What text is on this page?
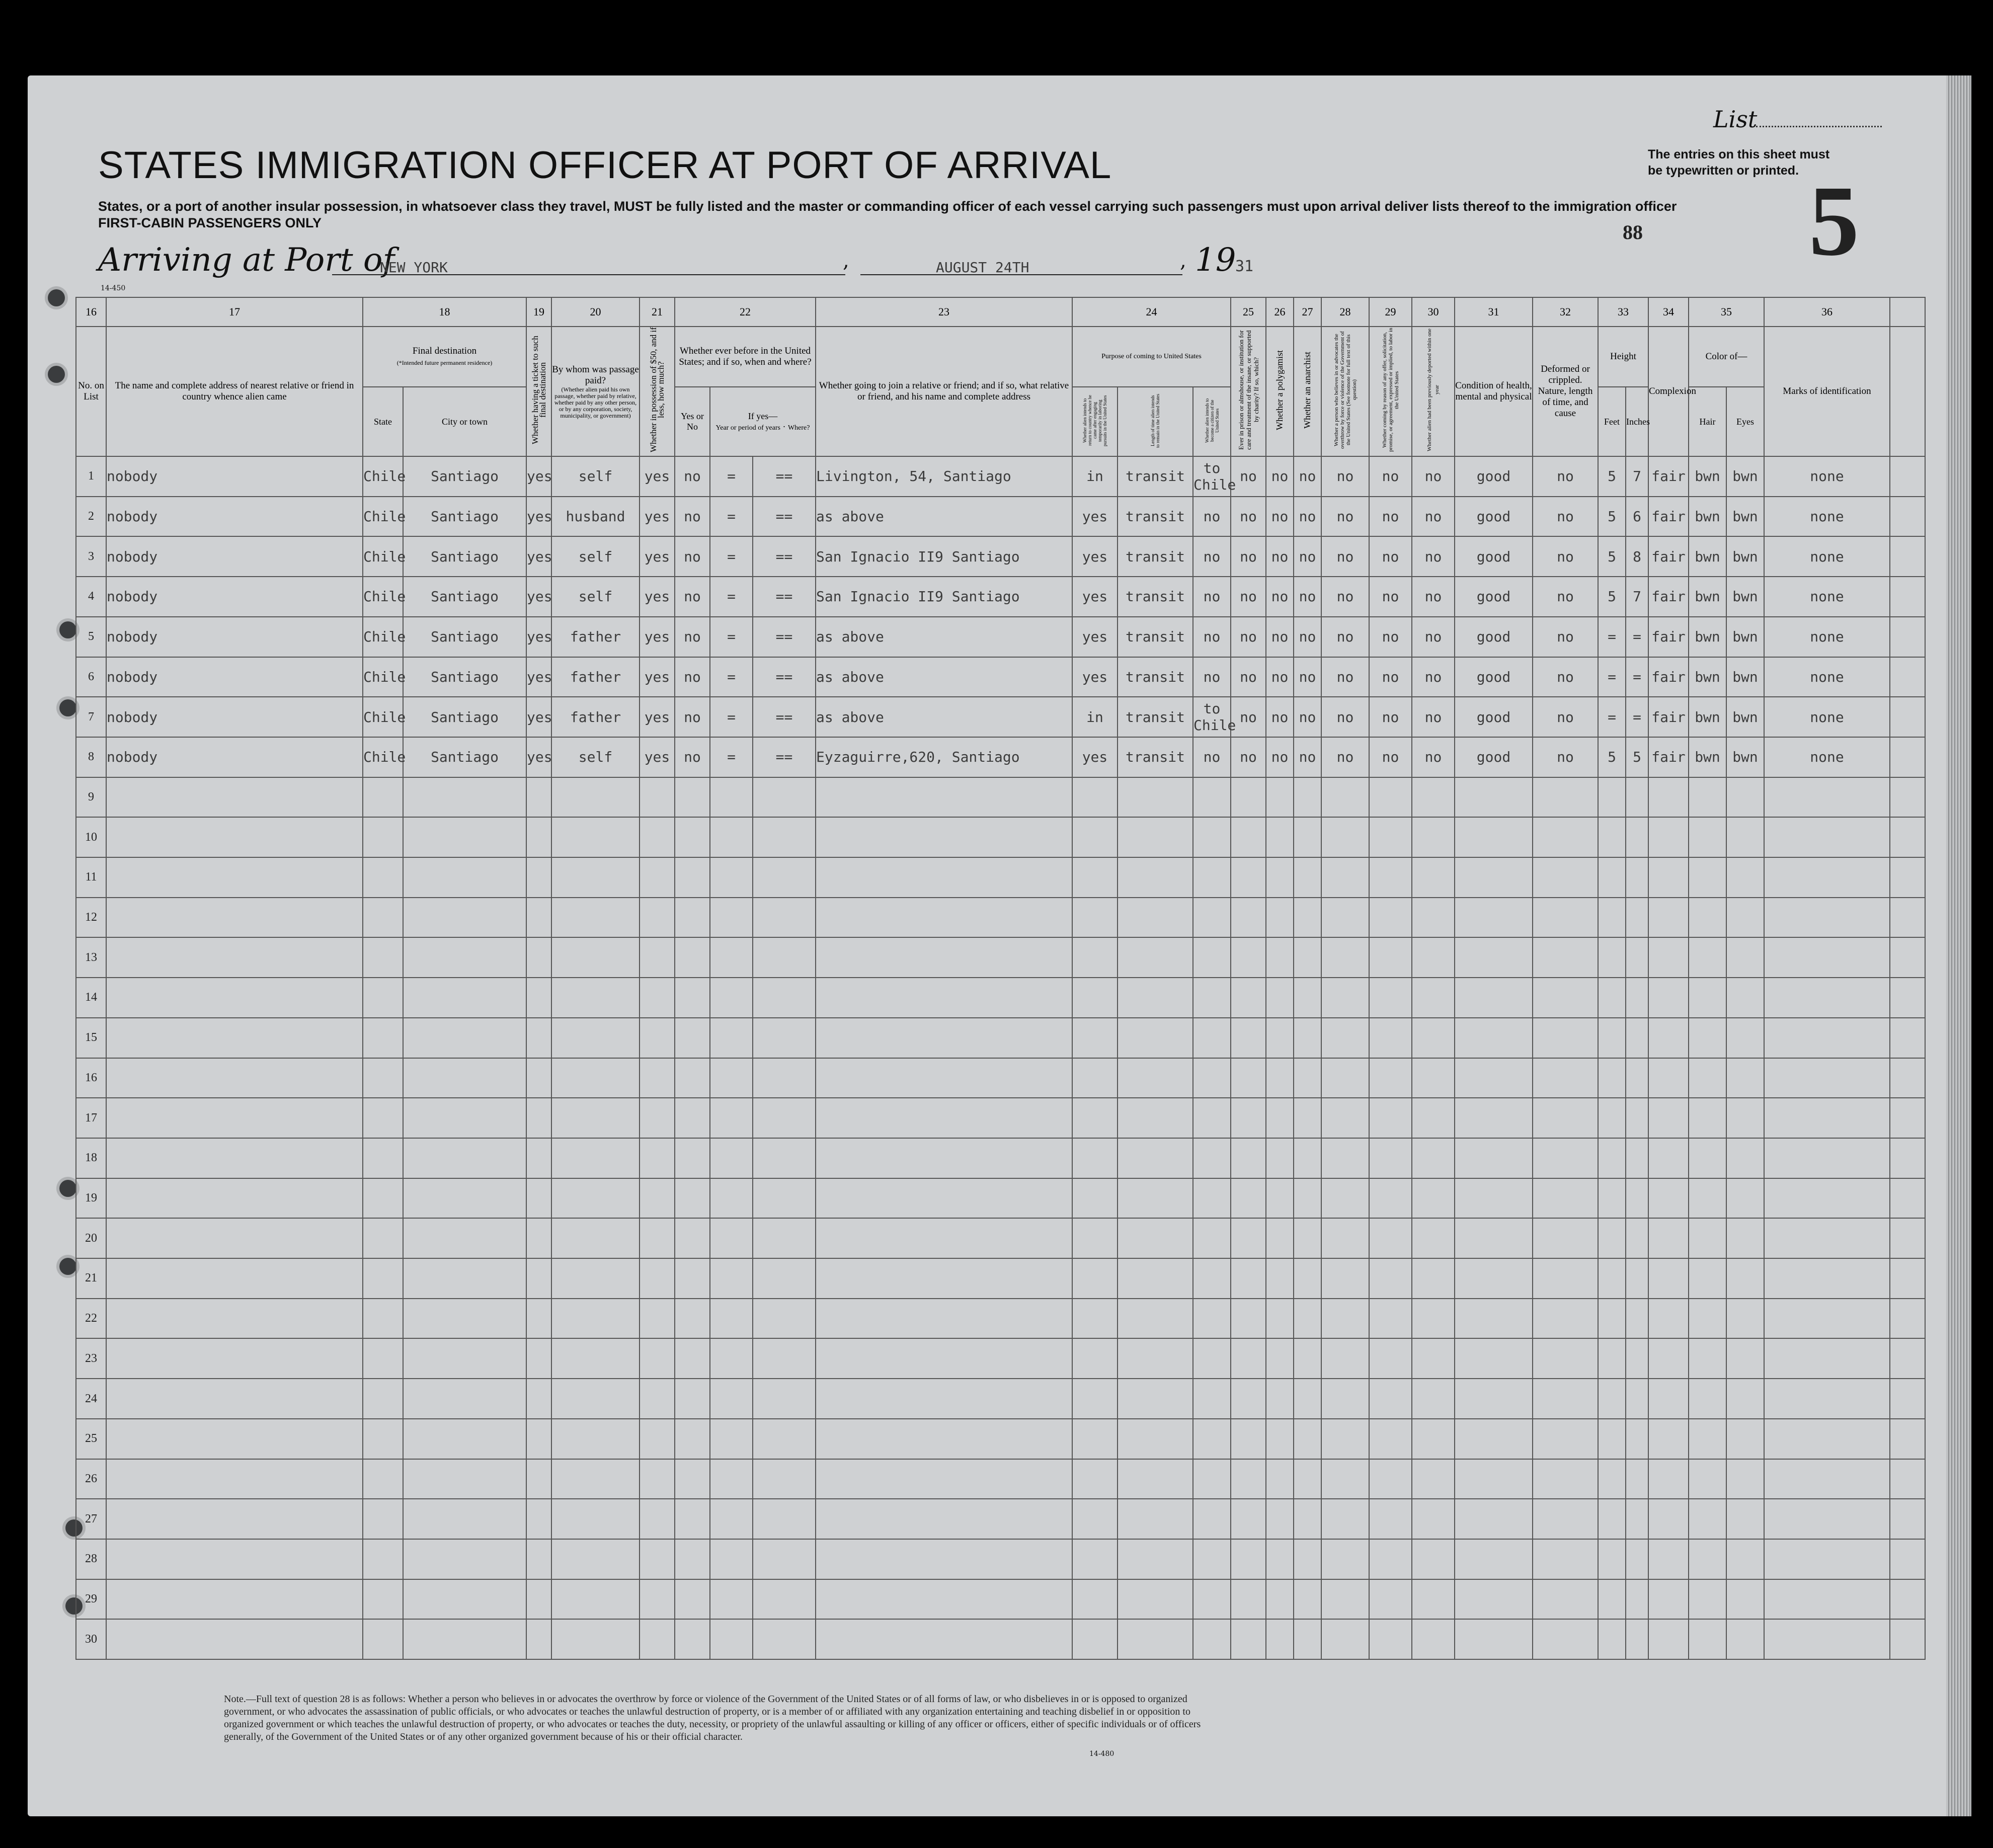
STATES IMMIGRATION OFFICER AT PORT OF ARRIVAL
States, or a port of another insular possession, in whatsoever class they travel, MUST be fully listed and the master or commanding officer of each vessel carrying such passengers must upon arrival deliver lists thereof to the immigration officer
FIRST-CABIN PASSENGERS ONLY
List
The entries on this sheet must
be typewritten or printed.
88 5
Arriving at Port of
NEW YORK	,	AUGUST 24TH	, 19
31
14-450
16	17	18		19	20	21	22			23	24			25	26	27	28	29	30	31	32	33		34	35		36	
No. on List	The name and complete address of nearest relative or friend in country whence alien came	Final destination
(*Intended future permanent residence)		Whether having a ticket to such final destination	By whom was passage paid?

(Whether alien paid his own passage, whether paid by relative, whether paid by any other person, or by any corporation, society, municipality, or government)	Whether in possession of $50, and if less, how much?	Whether ever before in the United States; and if so, when and where?			Whether going to join a relative or friend; and if so, what relative or friend, and his name and complete address	Purpose of coming to United States			Ever in prison or almshouse, or institution for care and treatment of the insane, or supported by charity? If so, which?	Whether a polygamist	Whether an anarchist	Whether a person who believes in or advocates the overthrow by force or violence of the Government of the United States (See footnote for full text of this question)	Whether coming by reason of any offer, solicitation, promise, or agreement, expressed or implied, to labor in the United States	Whether alien had been previously deported within one year	Condition of health, mental and physical	Deformed or crippled. Nature, length of time, and cause	Height		Complexion	Color of—		Marks of identification	
		State	City or town				Yes or No	If yes—
Year or period of years · Where?			Whether alien intends to return to country whence he came after engaging temporarily in laboring pursuits in the United States	Length of time alien intends to remain in the United States	Whether alien intends to become a citizen of the United States									Feet	Inches		Hair	Eyes		
1	nobody	Chile	Santiago	yes	self	yes	no	=	==	Livington, 54, Santiago	in	transit	to Chile	no	no	no	no	no	no	good	no	5	7	fair	bwn	bwn	none	
2	nobody	Chile	Santiago	yes	husband	yes	no	=	==	as above	yes	transit	no	no	no	no	no	no	no	good	no	5	6	fair	bwn	bwn	none	
3	nobody	Chile	Santiago	yes	self	yes	no	=	==	San Ignacio II9 Santiago	yes	transit	no	no	no	no	no	no	no	good	no	5	8	fair	bwn	bwn	none	
4	nobody	Chile	Santiago	yes	self	yes	no	=	==	San Ignacio II9 Santiago	yes	transit	no	no	no	no	no	no	no	good	no	5	7	fair	bwn	bwn	none	
5	nobody	Chile	Santiago	yes	father	yes	no	=	==	as above	yes	transit	no	no	no	no	no	no	no	good	no	=	=	fair	bwn	bwn	none	
6	nobody	Chile	Santiago	yes	father	yes	no	=	==	as above	yes	transit	no	no	no	no	no	no	no	good	no	=	=	fair	bwn	bwn	none	
7	nobody	Chile	Santiago	yes	father	yes	no	=	==	as above	in	transit	to Chile	no	no	no	no	no	no	good	no	=	=	fair	bwn	bwn	none	
8	nobody	Chile	Santiago	yes	self	yes	no	=	==	Eyzaguirre,620, Santiago	yes	transit	no	no	no	no	no	no	no	good	no	5	5	fair	bwn	bwn	none	
9																												
10																												
11																												
12																												
13																												
14																												
15																												
16																												
17																												
18																												
19																												
20																												
21																												
22																												
23																												
24																												
25																												
26																												
27																												
28																												
29																												
30																												
Note.—Full text of question 28 is as follows: Whether a person who believes in or advocates the overthrow by force or violence of the Government of the United States or of all forms of law, or who disbelieves in or is opposed to organized government, or who advocates the assassination of public officials, or who advocates or teaches the unlawful destruction of property, or is a member of or affiliated with any organization entertaining and teaching disbelief in or opposition to organized government or which teaches the unlawful destruction of property, or who advocates or teaches the duty, necessity, or propriety of the unlawful assaulting or killing of any officer or officers, either of specific individuals or of officers generally, of the Government of the United States or of any other organized government because of his or their official character.
14-480
